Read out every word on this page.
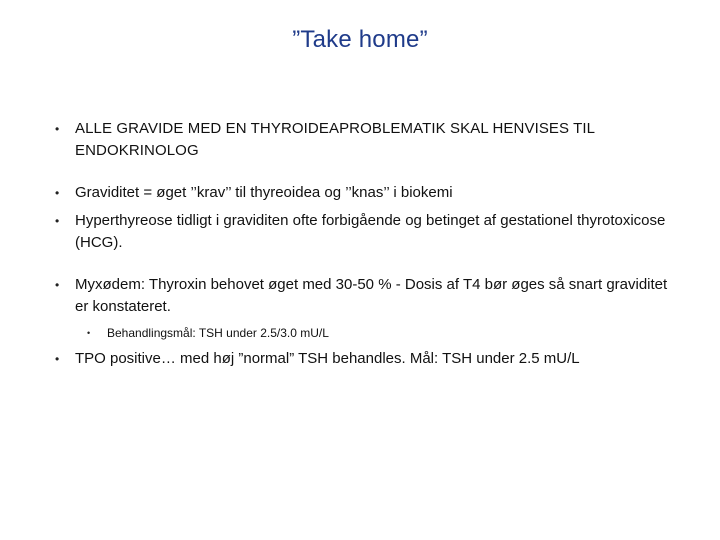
”Take home”
• ALLE GRAVIDE MED EN THYROIDEAPROBLEMATIK SKAL HENVISES TIL ENDOKRINOLOG
• Graviditet = øget ’’krav’’ til thyreoidea og ’’knas’’ i biokemi
• Hyperthyreose tidligt i graviditen ofte forbigående og betinget af gestationel thyrotoxicose (HCG).
• Myxødem: Thyroxin behovet øget med 30-50 % - Dosis af T4 bør øges så snart graviditet er konstateret.
• Behandlingsmål: TSH under 2.5/3.0 mU/L
• TPO positive… med høj ”normal” TSH behandles. Mål: TSH under 2.5 mU/L
